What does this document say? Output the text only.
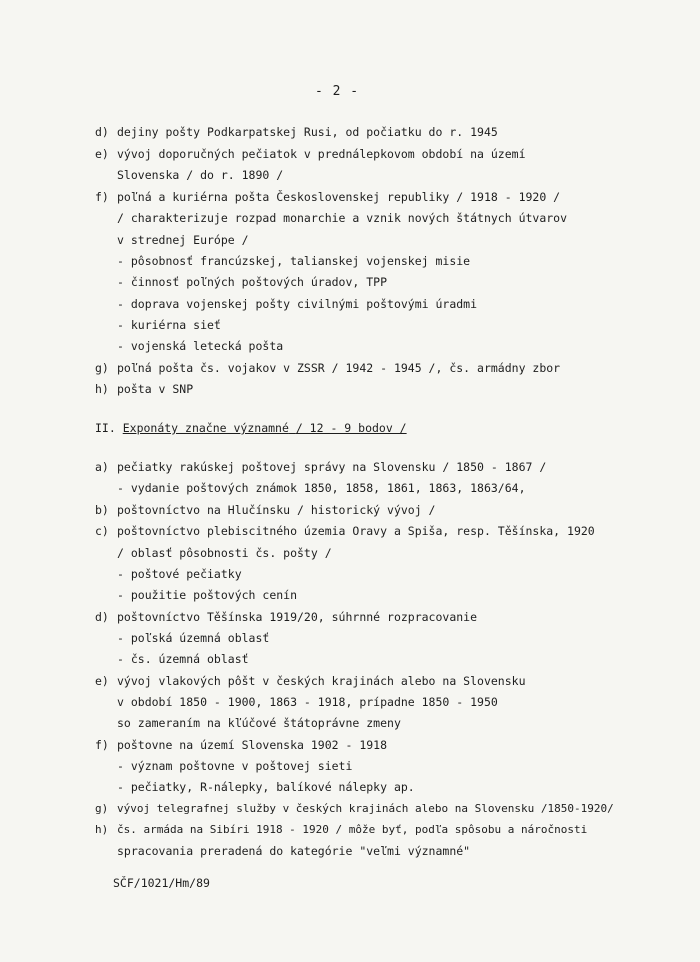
- 2 -
d) dejiny pošty Podkarpatskej Rusi, od počiatku do r. 1945
e) vývoj doporučných pečiatok v prednálepkovom období na území
Slovenska / do r. 1890 /
f) poľná a kuriérna pošta Československej republiky / 1918 - 1920 /
/ charakterizuje rozpad monarchie a vznik nových štátnych útvarov
v strednej Európe /
- pôsobnosť francúzskej, talianskej vojenskej misie
- činnosť poľných poštových úradov, TPP
- doprava vojenskej pošty civilnými poštovými úradmi
- kuriérna sieť
- vojenská letecká pošta
g) poľná pošta čs. vojakov v ZSSR / 1942 - 1945 /, čs. armádny zbor
h) pošta v SNP
II. Exponáty značne významné / 12 - 9 bodov /
a) pečiatky rakúskej poštovej správy na Slovensku / 1850 - 1867 /
- vydanie poštových známok 1850, 1858, 1861, 1863, 1863/64,
b) poštovníctvo na Hlučínsku / historický vývoj /
c) poštovníctvo plebiscitného územia Oravy a Spiša, resp. Těšínska, 1920
/ oblasť pôsobnosti čs. pošty /
- poštové pečiatky
- použitie poštových cenín
d) poštovníctvo Těšínska 1919/20, súhrnné rozpracovanie
- poľská územná oblasť
- čs. územná oblasť
e) vývoj vlakových pôšt v českých krajinách alebo na Slovensku
v období 1850 - 1900, 1863 - 1918, prípadne 1850 - 1950
so zameraním na kľúčové štátoprávne zmeny
f) poštovne na území Slovenska 1902 - 1918
- význam poštovne v poštovej sieti
- pečiatky, R-nálepky, balíkové nálepky ap.
g) vývoj telegrafnej služby v českých krajinách alebo na Slovensku /1850-1920/
h) čs. armáda na Sibíri 1918 - 1920 / môže byť, podľa spôsobu a náročnosti
spracovania preradená do kategórie "veľmi významné"
SČF/1021/Hm/89
